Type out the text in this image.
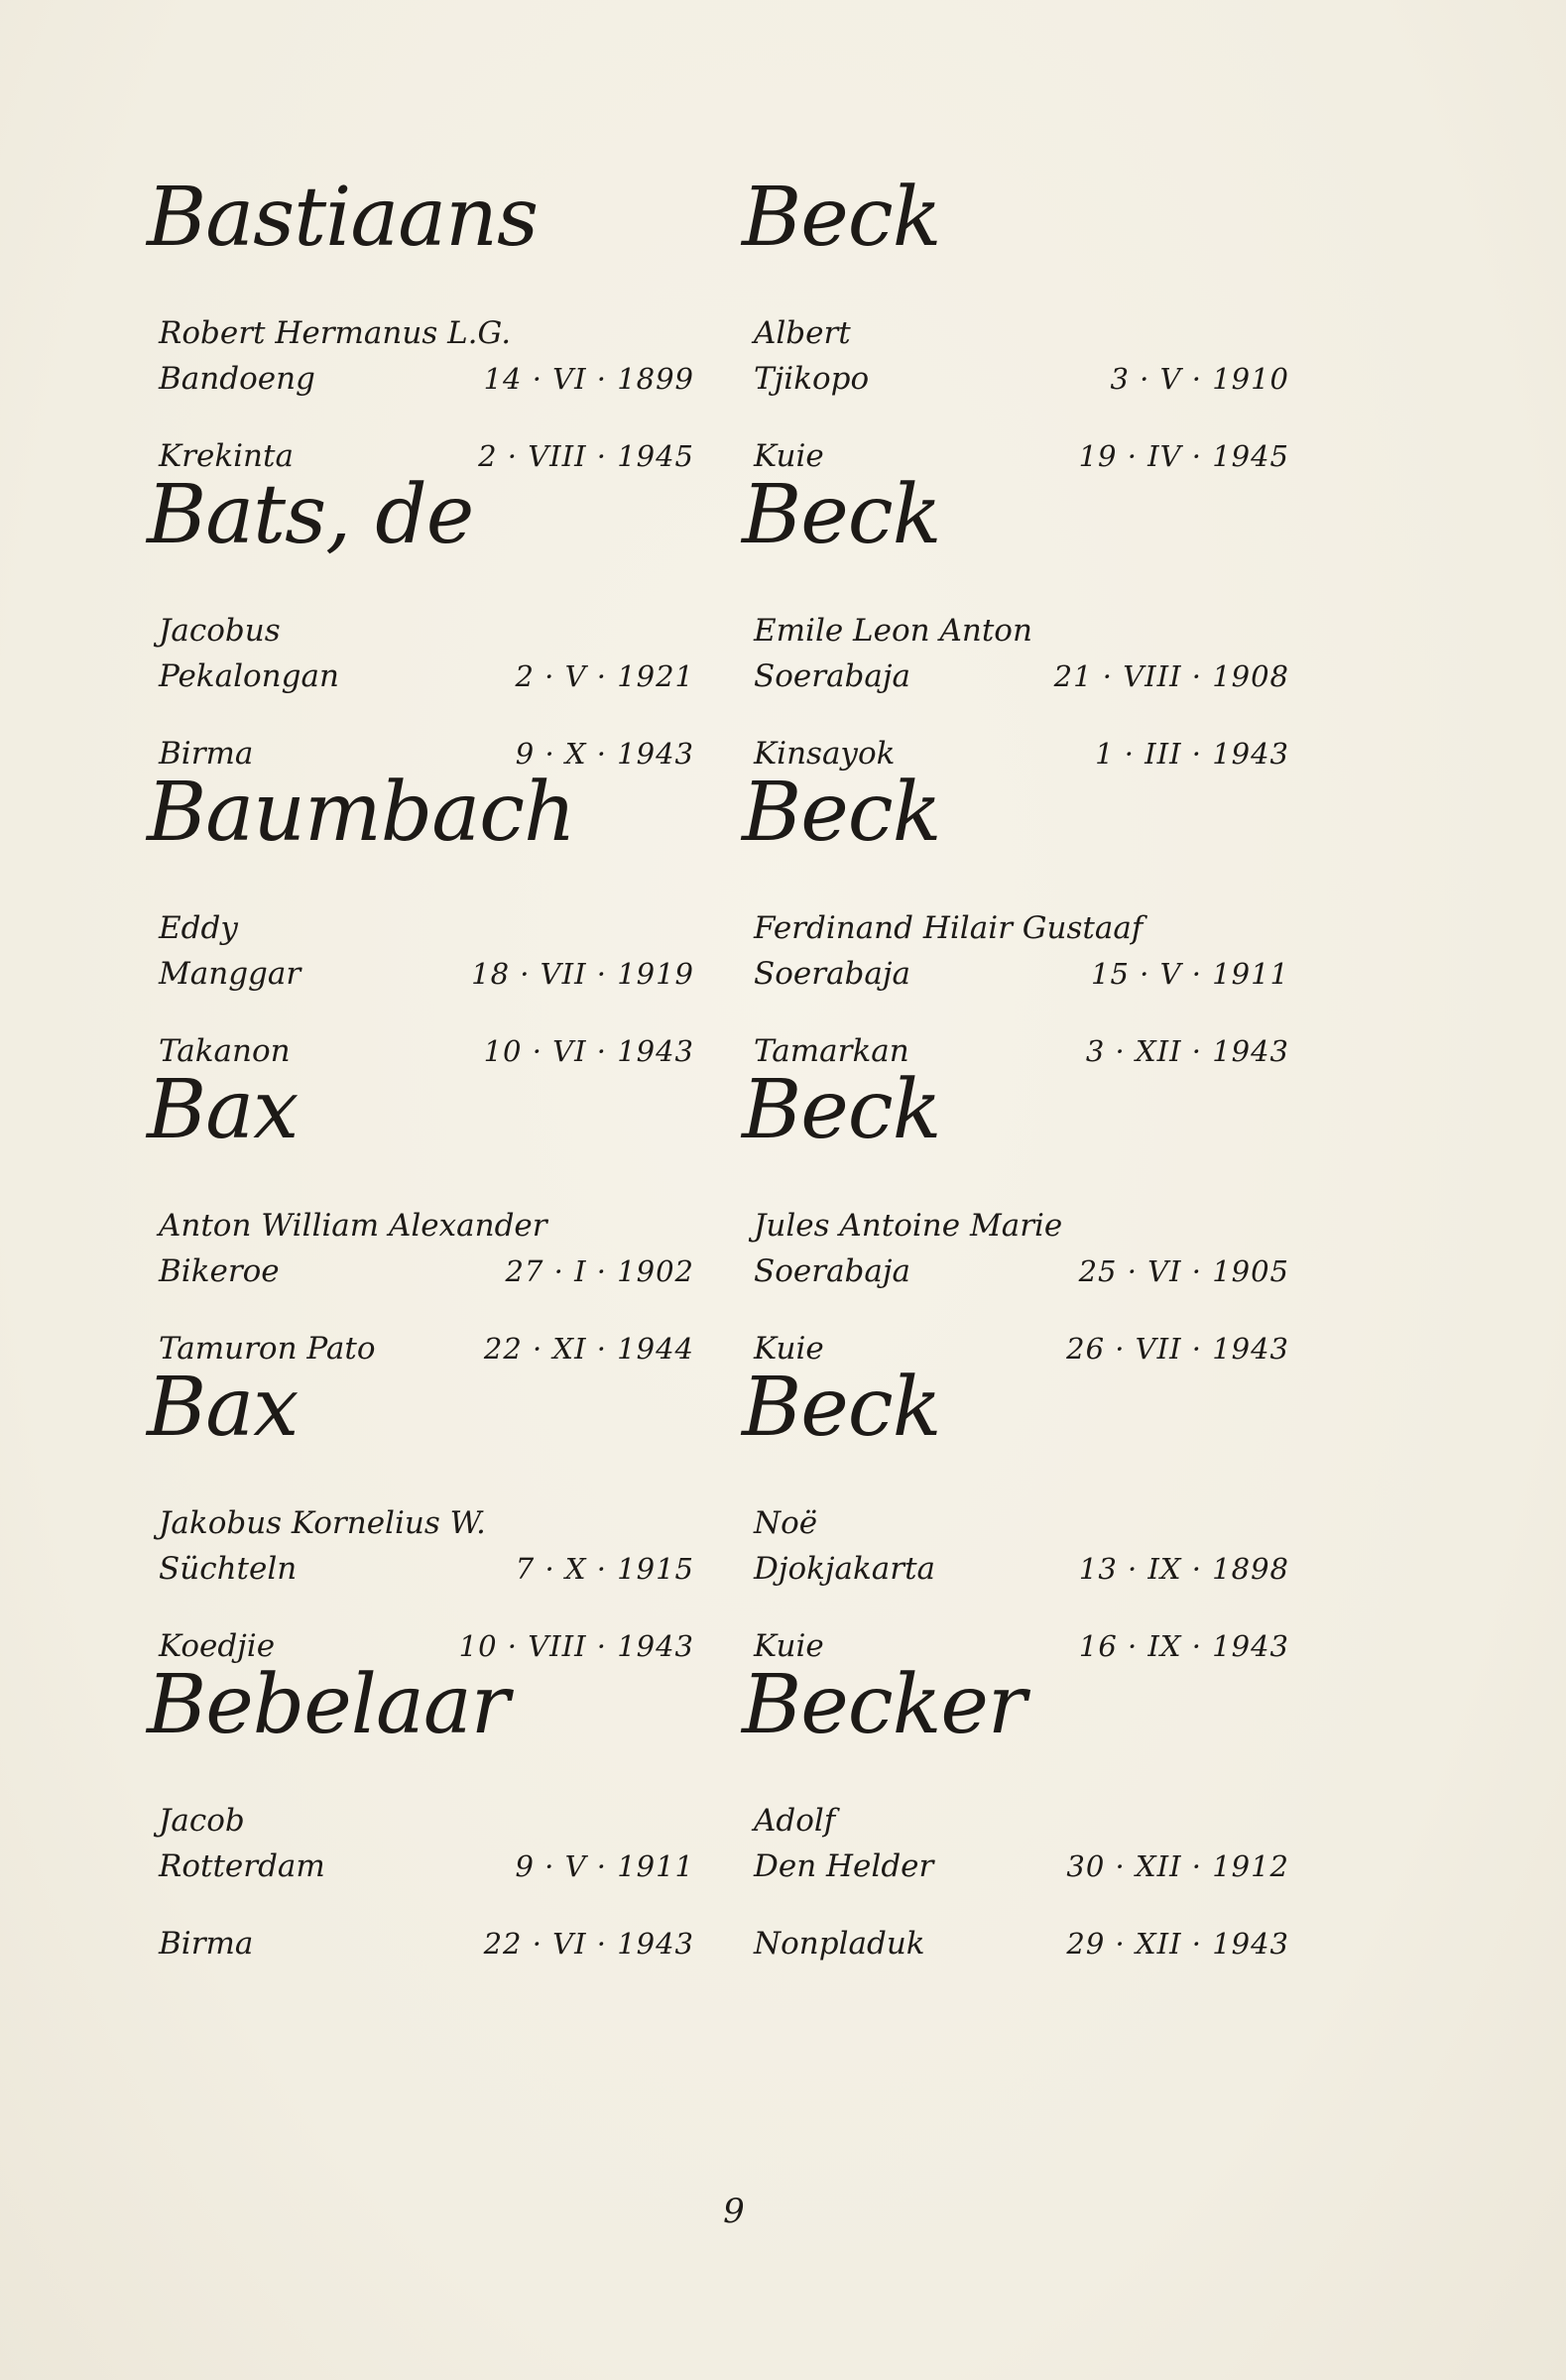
Bastiaans
Robert Hermanus L.G.
Bandoeng	14 · VI · 1899
Krekinta	2 · VIII · 1945
Bats, de
Jacobus
Pekalongan	2 · V · 1921
Birma	9 · X · 1943
Baumbach
Eddy
Manggar	18 · VII · 1919
Takanon	10 · VI · 1943
Bax
Anton William Alexander
Bikeroe	27 · I · 1902
Tamuron Pato	22 · XI · 1944
Bax
Jakobus Kornelius W.
Süchteln	7 · X · 1915
Koedjie	10 · VIII · 1943
Bebelaar
Jacob
Rotterdam	9 · V · 1911
Birma	22 · VI · 1943
Beck
Albert
Tjikopo	3 · V · 1910
Kuie	19 · IV · 1945
Beck
Emile Leon Anton
Soerabaja	21 · VIII · 1908
Kinsayok	1 · III · 1943
Beck
Ferdinand Hilair Gustaaf
Soerabaja	15 · V · 1911
Tamarkan	3 · XII · 1943
Beck
Jules Antoine Marie
Soerabaja	25 · VI · 1905
Kuie	26 · VII · 1943
Beck
Noë
Djokjakarta	13 · IX · 1898
Kuie	16 · IX · 1943
Becker
Adolf
Den Helder	30 · XII · 1912
Nonpladuk	29 · XII · 1943
9
